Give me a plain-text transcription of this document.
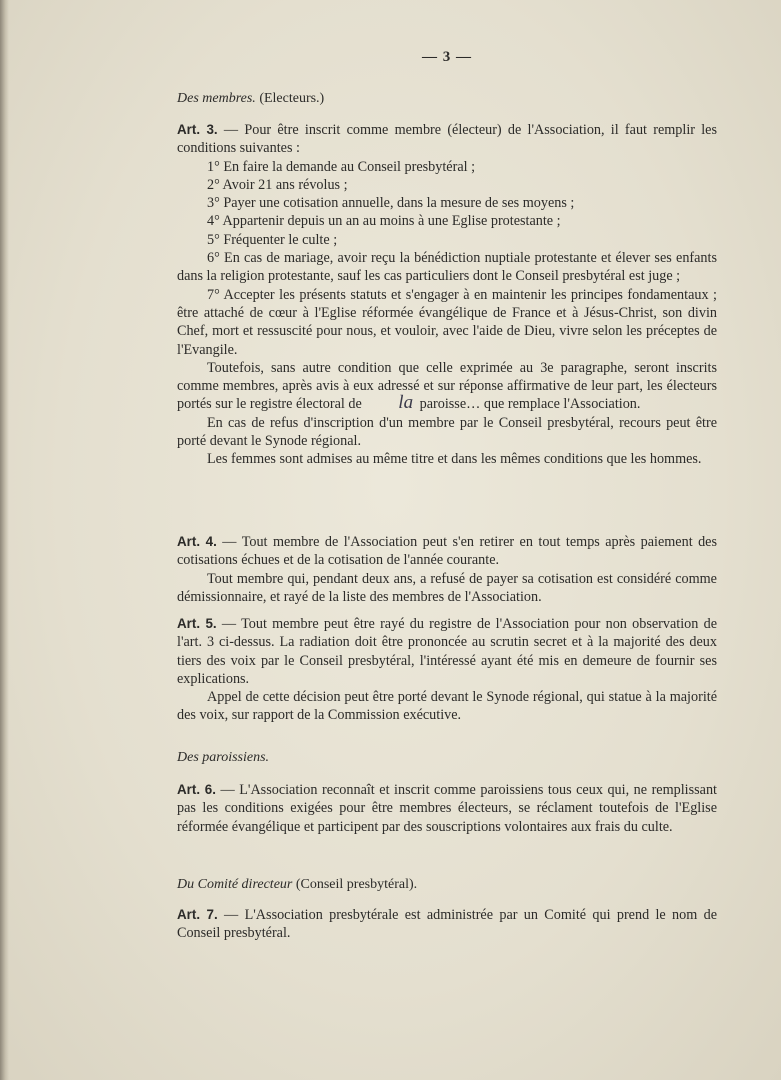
— 3 —
Des membres. (Electeurs.)

Art. 3. — Pour être inscrit comme membre (électeur) de l'Association, il faut remplir les conditions suivantes :

1° En faire la demande au Conseil presbytéral ;

2° Avoir 21 ans révolus ;

3° Payer une cotisation annuelle, dans la mesure de ses moyens ;

4° Appartenir depuis un an au moins à une Eglise protestante ;

5° Fréquenter le culte ;

6° En cas de mariage, avoir reçu la bénédiction nuptiale protestante et élever ses enfants dans la religion protestante, sauf les cas particuliers dont le Conseil presbytéral est juge ;

7° Accepter les présents statuts et s'engager à en maintenir les principes fondamentaux ; être attaché de cœur à l'Eglise réformée évangélique de France et à Jésus-Christ, son divin Chef, mort et ressuscité pour nous, et vouloir, avec l'aide de Dieu, vivre selon les préceptes de l'Evangile.

Toutefois, sans autre condition que celle exprimée au 3e paragraphe, seront inscrits comme membres, après avis à eux adressé et sur réponse affirmative de leur part, les électeurs portés sur le registre électoral de la paroisse… que remplace l'Association.

En cas de refus d'inscription d'un membre par le Conseil presbytéral, recours peut être porté devant le Synode régional.

Les femmes sont admises au même titre et dans les mêmes conditions que les hommes.

Art. 4. — Tout membre de l'Association peut s'en retirer en tout temps après paiement des cotisations échues et de la cotisation de l'année courante.

Tout membre qui, pendant deux ans, a refusé de payer sa cotisation est considéré comme démissionnaire, et rayé de la liste des membres de l'Association.

Art. 5. — Tout membre peut être rayé du registre de l'Association pour non observation de l'art. 3 ci-dessus. La radiation doit être prononcée au scrutin secret et à la majorité des deux tiers des voix par le Conseil presbytéral, l'intéressé ayant été mis en demeure de fournir ses explications.

Appel de cette décision peut être porté devant le Synode régional, qui statue à la majorité des voix, sur rapport de la Commission exécutive.

Des paroissiens.

Art. 6. — L'Association reconnaît et inscrit comme paroissiens tous ceux qui, ne remplissant pas les conditions exigées pour être membres électeurs, se réclament toutefois de l'Eglise réformée évangélique et participent par des souscriptions volontaires aux frais du culte.

Du Comité directeur (Conseil presbytéral).

Art. 7. — L'Association presbytérale est administrée par un Comité qui prend le nom de Conseil presbytéral.
